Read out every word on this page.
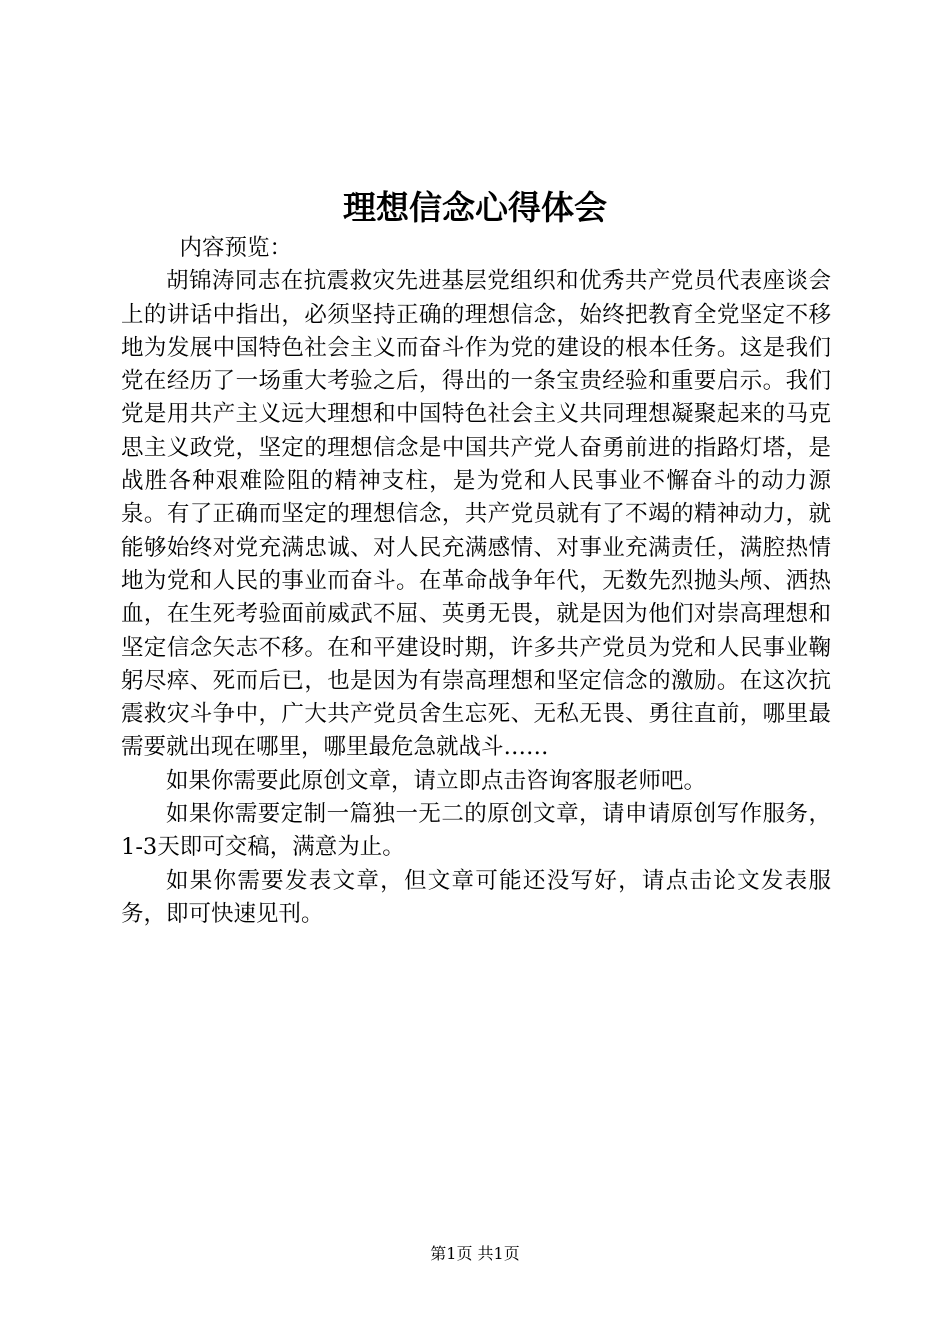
理想信念心得体会

内容预览：

胡锦涛同志在抗震救灾先进基层党组织和优秀共产党员代表座谈会上的讲话中指出，必须坚持正确的理想信念，始终把教育全党坚定不移地为发展中国特色社会主义而奋斗作为党的建设的根本任务。这是我们党在经历了一场重大考验之后，得出的一条宝贵经验和重要启示。我们党是用共产主义远大理想和中国特色社会主义共同理想凝聚起来的马克思主义政党，坚定的理想信念是中国共产党人奋勇前进的指路灯塔，是战胜各种艰难险阻的精神支柱，是为党和人民事业不懈奋斗的动力源泉。有了正确而坚定的理想信念，共产党员就有了不竭的精神动力，就能够始终对党充满忠诚、对人民充满感情、对事业充满责任，满腔热情地为党和人民的事业而奋斗。在革命战争年代，无数先烈抛头颅、洒热血，在生死考验面前威武不屈、英勇无畏，就是因为他们对崇高理想和坚定信念矢志不移。在和平建设时期，许多共产党员为党和人民事业鞠躬尽瘁、死而后已，也是因为有崇高理想和坚定信念的激励。在这次抗震救灾斗争中，广大共产党员舍生忘死、无私无畏、勇往直前，哪里最需要就出现在哪里，哪里最危急就战斗……

如果你需要此原创文章，请立即点击咨询客服老师吧。

如果你需要定制一篇独一无二的原创文章，请申请原创写作服务，1-3天即可交稿，满意为止。

如果你需要发表文章，但文章可能还没写好，请点击论文发表服务，即可快速见刊。

第1页 共1页
